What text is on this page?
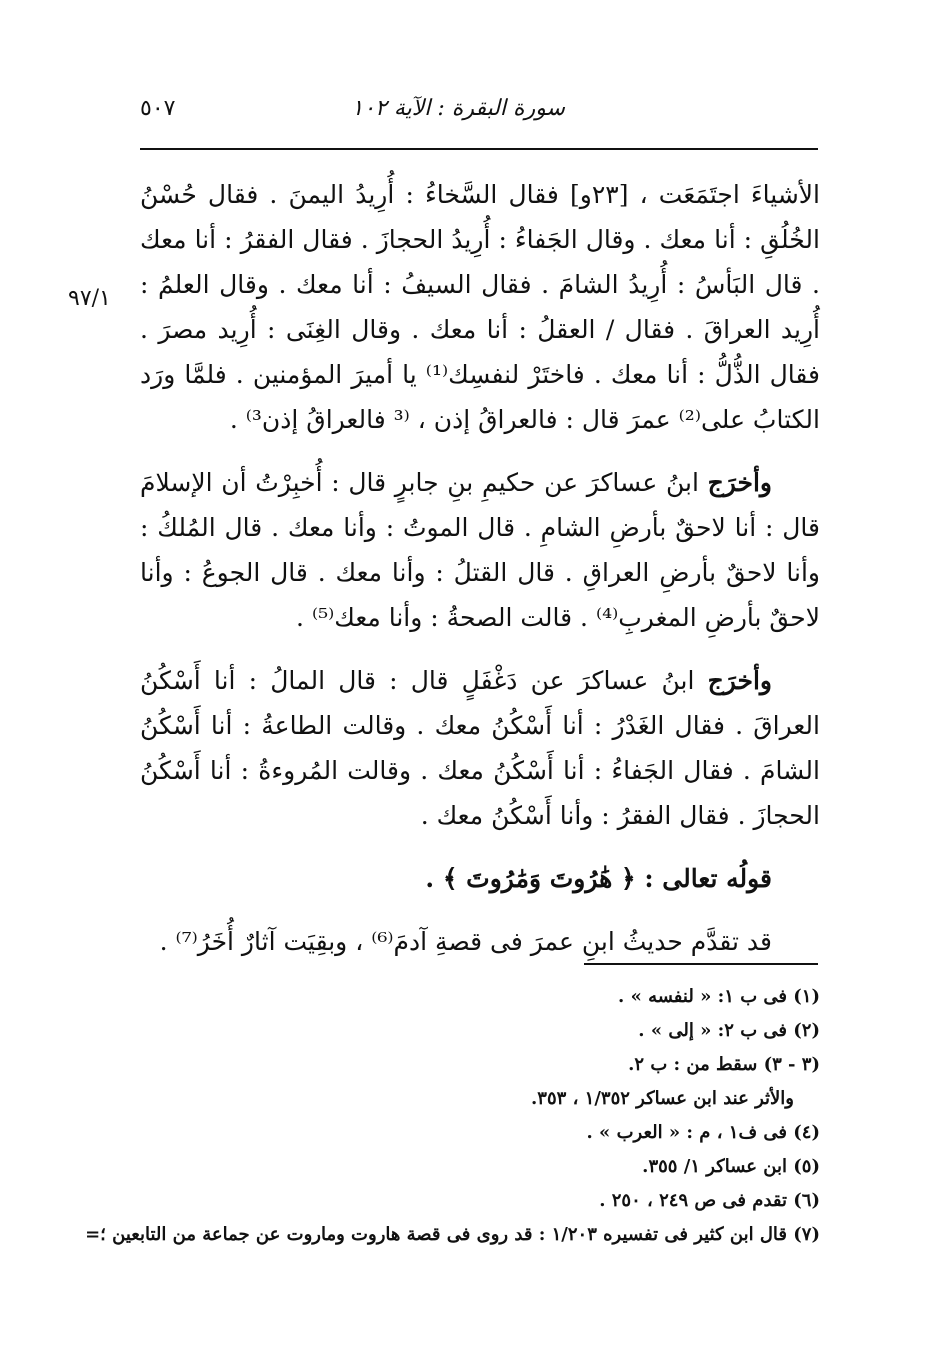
سورة البقرة : الآية ١٠٢
٥٠٧
٩٧/١

الأشياءَ اجتَمَعَت ، [٢٣و] فقال السَّخاءُ : أُرِيدُ اليمنَ . فقال حُسْنُ الخُلُقِ : أنا معك . وقال الجَفاءُ : أُرِيدُ الحجازَ . فقال الفقرُ : أنا معك . قال البَأسُ : أُرِيدُ الشامَ . فقال السيفُ : أنا معك . وقال العلمُ : أُرِيد العراقَ . فقال / العقلُ : أنا معك . وقال الغِنَى : أُرِيد مصرَ . فقال الذُّلُّ : أنا معك . فاختَرْ لنفسِك⁽¹⁾ يا أميرَ المؤمنين . فلمَّا ورَد الكتابُ على⁽²⁾ عمرَ قال : فالعراقُ إذن ، ⁽³ فالعراقُ إذن³⁾ .

وأخرَج ابنُ عساكرَ عن حكيمِ بنِ جابرٍ قال : أُخبِرْتُ أن الإسلامَ قال : أنا لاحقٌ بأرضِ الشامِ . قال الموتُ : وأنا معك . قال المُلكُ : وأنا لاحقٌ بأرضِ العراقِ . قال القتلُ : وأنا معك . قال الجوعُ : وأنا لاحقٌ بأرضِ المغربِ⁽⁴⁾ . قالت الصحةُ : وأنا معك⁽⁵⁾ .

وأخرَج ابنُ عساكرَ عن دَغْفَلٍ قال : قال المالُ : أنا أَسْكُنُ العراقَ . فقال الغَدْرُ : أنا أَسْكُنُ معك . وقالت الطاعةُ : أنا أَسْكُنُ الشامَ . فقال الجَفاءُ : أنا أَسْكُنُ معك . وقالت المُروءةُ : أنا أَسْكُنُ الحجازَ . فقال الفقرُ : وأنا أَسْكُنُ معك .

قولُه تعالى : ﴿ هَٰرُوتَ وَمَٰرُوتَ ﴾ .

قد تقدَّم حديثُ ابنِ عمرَ فى قصةِ آدمَ⁽⁶⁾ ، وبقِيَت آثارٌ أُخَرُ⁽⁷⁾ .

(١) فى ب ١: « لنفسه » .
(٢) فى ب ٢: « إلى » .
(٣ - ٣) سقط من : ب ٢.
والأثر عند ابن عساكر ١/٣٥٢ ، ٣٥٣.
(٤) فى ف١ ، م : « العرب » .
(٥) ابن عساكر ١/ ٣٥٥.
(٦) تقدم فى ص ٢٤٩ ، ٢٥٠ .
(٧) قال ابن كثير فى تفسيره ١/٢٠٣ : قد روى فى قصة هاروت وماروت عن جماعة من التابعين ؛=
